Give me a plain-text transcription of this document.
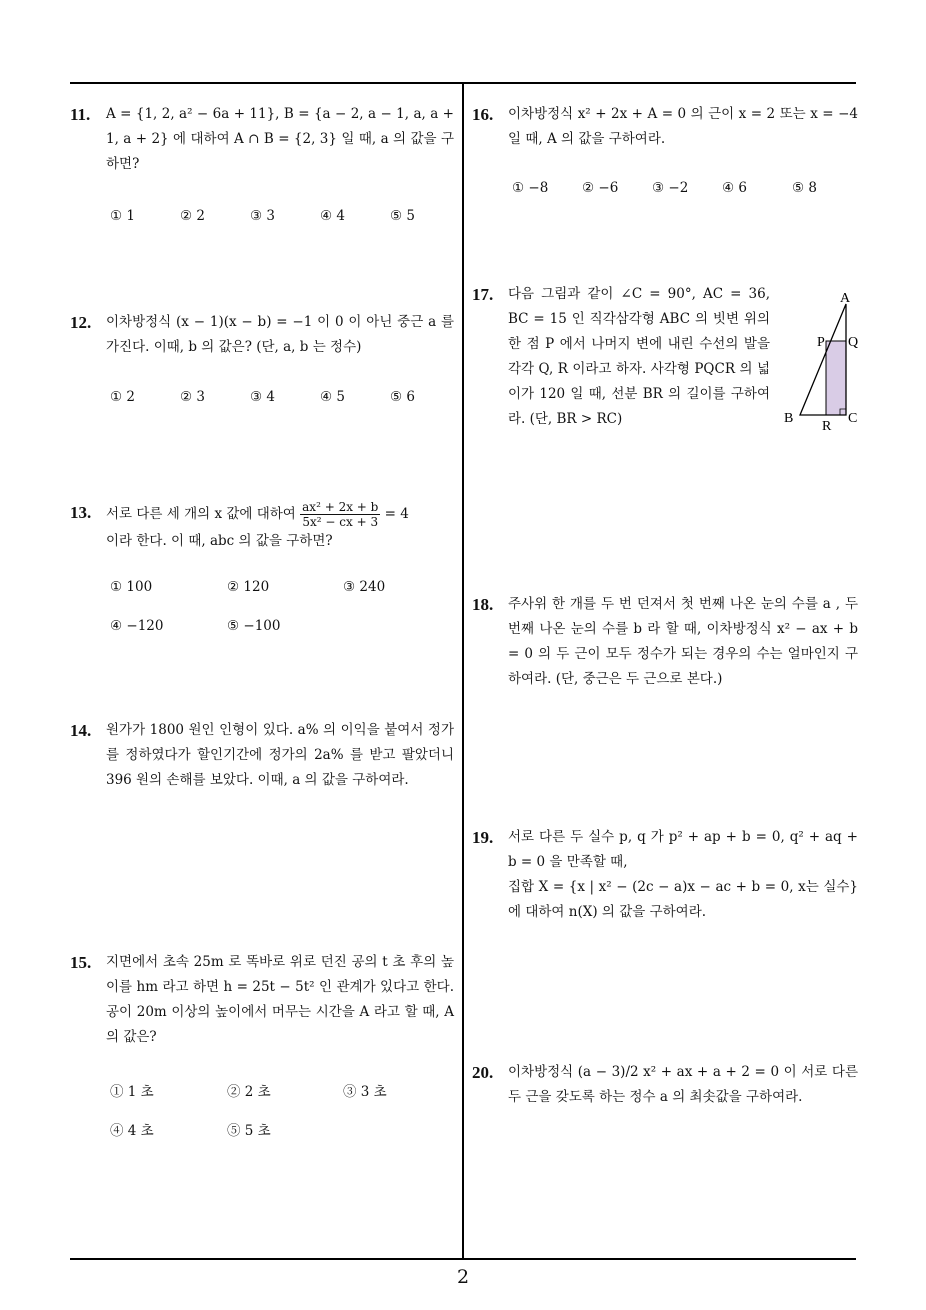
2
11. A = {1, 2, a² − 6a + 11}, B = {a − 2, a − 1, a, a + 1, a + 2} 에 대하여 A ∩ B = {2, 3} 일 때, a 의 값을 구하면?
① 1	② 2	③ 3	④ 4	⑤ 5
12. 이차방정식 (x − 1)(x − b) = −1 이 0 이 아닌 중근 a 를 가진다. 이때, b 의 값은? (단, a, b 는 정수)
① 2	② 3	③ 4	④ 5	⑤ 6
13. 서로 다른 세 개의 x 값에 대하여 $\frac{\text{ax² + 2x + b}}{\text{5x² − cx + 3}} = 4$
이라 한다. 이 때, abc 의 값을 구하면?
① 100	② 120	③ 240
④ −120	⑤ −100
14. 원가가 1800 원인 인형이 있다. a% 의 이익을 붙여서 정가를 정하였다가 할인기간에 정가의 2a% 를 받고 팔았더니 396 원의 손해를 보았다. 이때, a 의 값을 구하여라.
15. 지면에서 초속 25m 로 똑바로 위로 던진 공의 t 초 후의 높이를 hm 라고 하면 h = 25t − 5t² 인 관계가 있다고 한다. 공이 20m 이상의 높이에서 머무는 시간을 A 라고 할 때, A 의 값은?
① 1 초	② 2 초	③ 3 초
④ 4 초	⑤ 5 초
16. 이차방정식 x² + 2x + A = 0 의 근이 x = 2 또는 x = −4 일 때, A 의 값을 구하여라.
① −8 ② −6 ③ −2 ④ 6	⑤ 8
17. 다음 그림과 같이 ∠C = 90°, AC = 36, BC = 15 인 직각삼각형 ABC 의 빗변 위의 한 점 P 에서 나머지 변에 내린 수선의 발을 각각 Q, R 이라고 하자. 사각형 PQCR 의 넓이가 120 일 때, 선분 BR 의 길이를 구하여라. (단, BR > RC)
A
P Q
B
R
C
18. 주사위 한 개를 두 번 던져서 첫 번째 나온 눈의 수를 a , 두 번째 나온 눈의 수를 b 라 할 때, 이차방정식 x² − ax + b = 0 의 두 근이 모두 정수가 되는 경우의 수는 얼마인지 구하여라. (단, 중근은 두 근으로 본다.)
19. 서로 다른 두 실수 p, q 가 p² + ap + b = 0, q² + aq + b = 0 을 만족할 때,
집합 X = {x | x² − (2c − a)x − ac + b = 0, x는 실수} 에 대하여 n(X) 의 값을 구하여라.
20. 이차방정식 (a − 3)/2 x² + ax + a + 2 = 0 이 서로 다른 두 근을 갖도록 하는 정수 a 의 최솟값을 구하여라.
